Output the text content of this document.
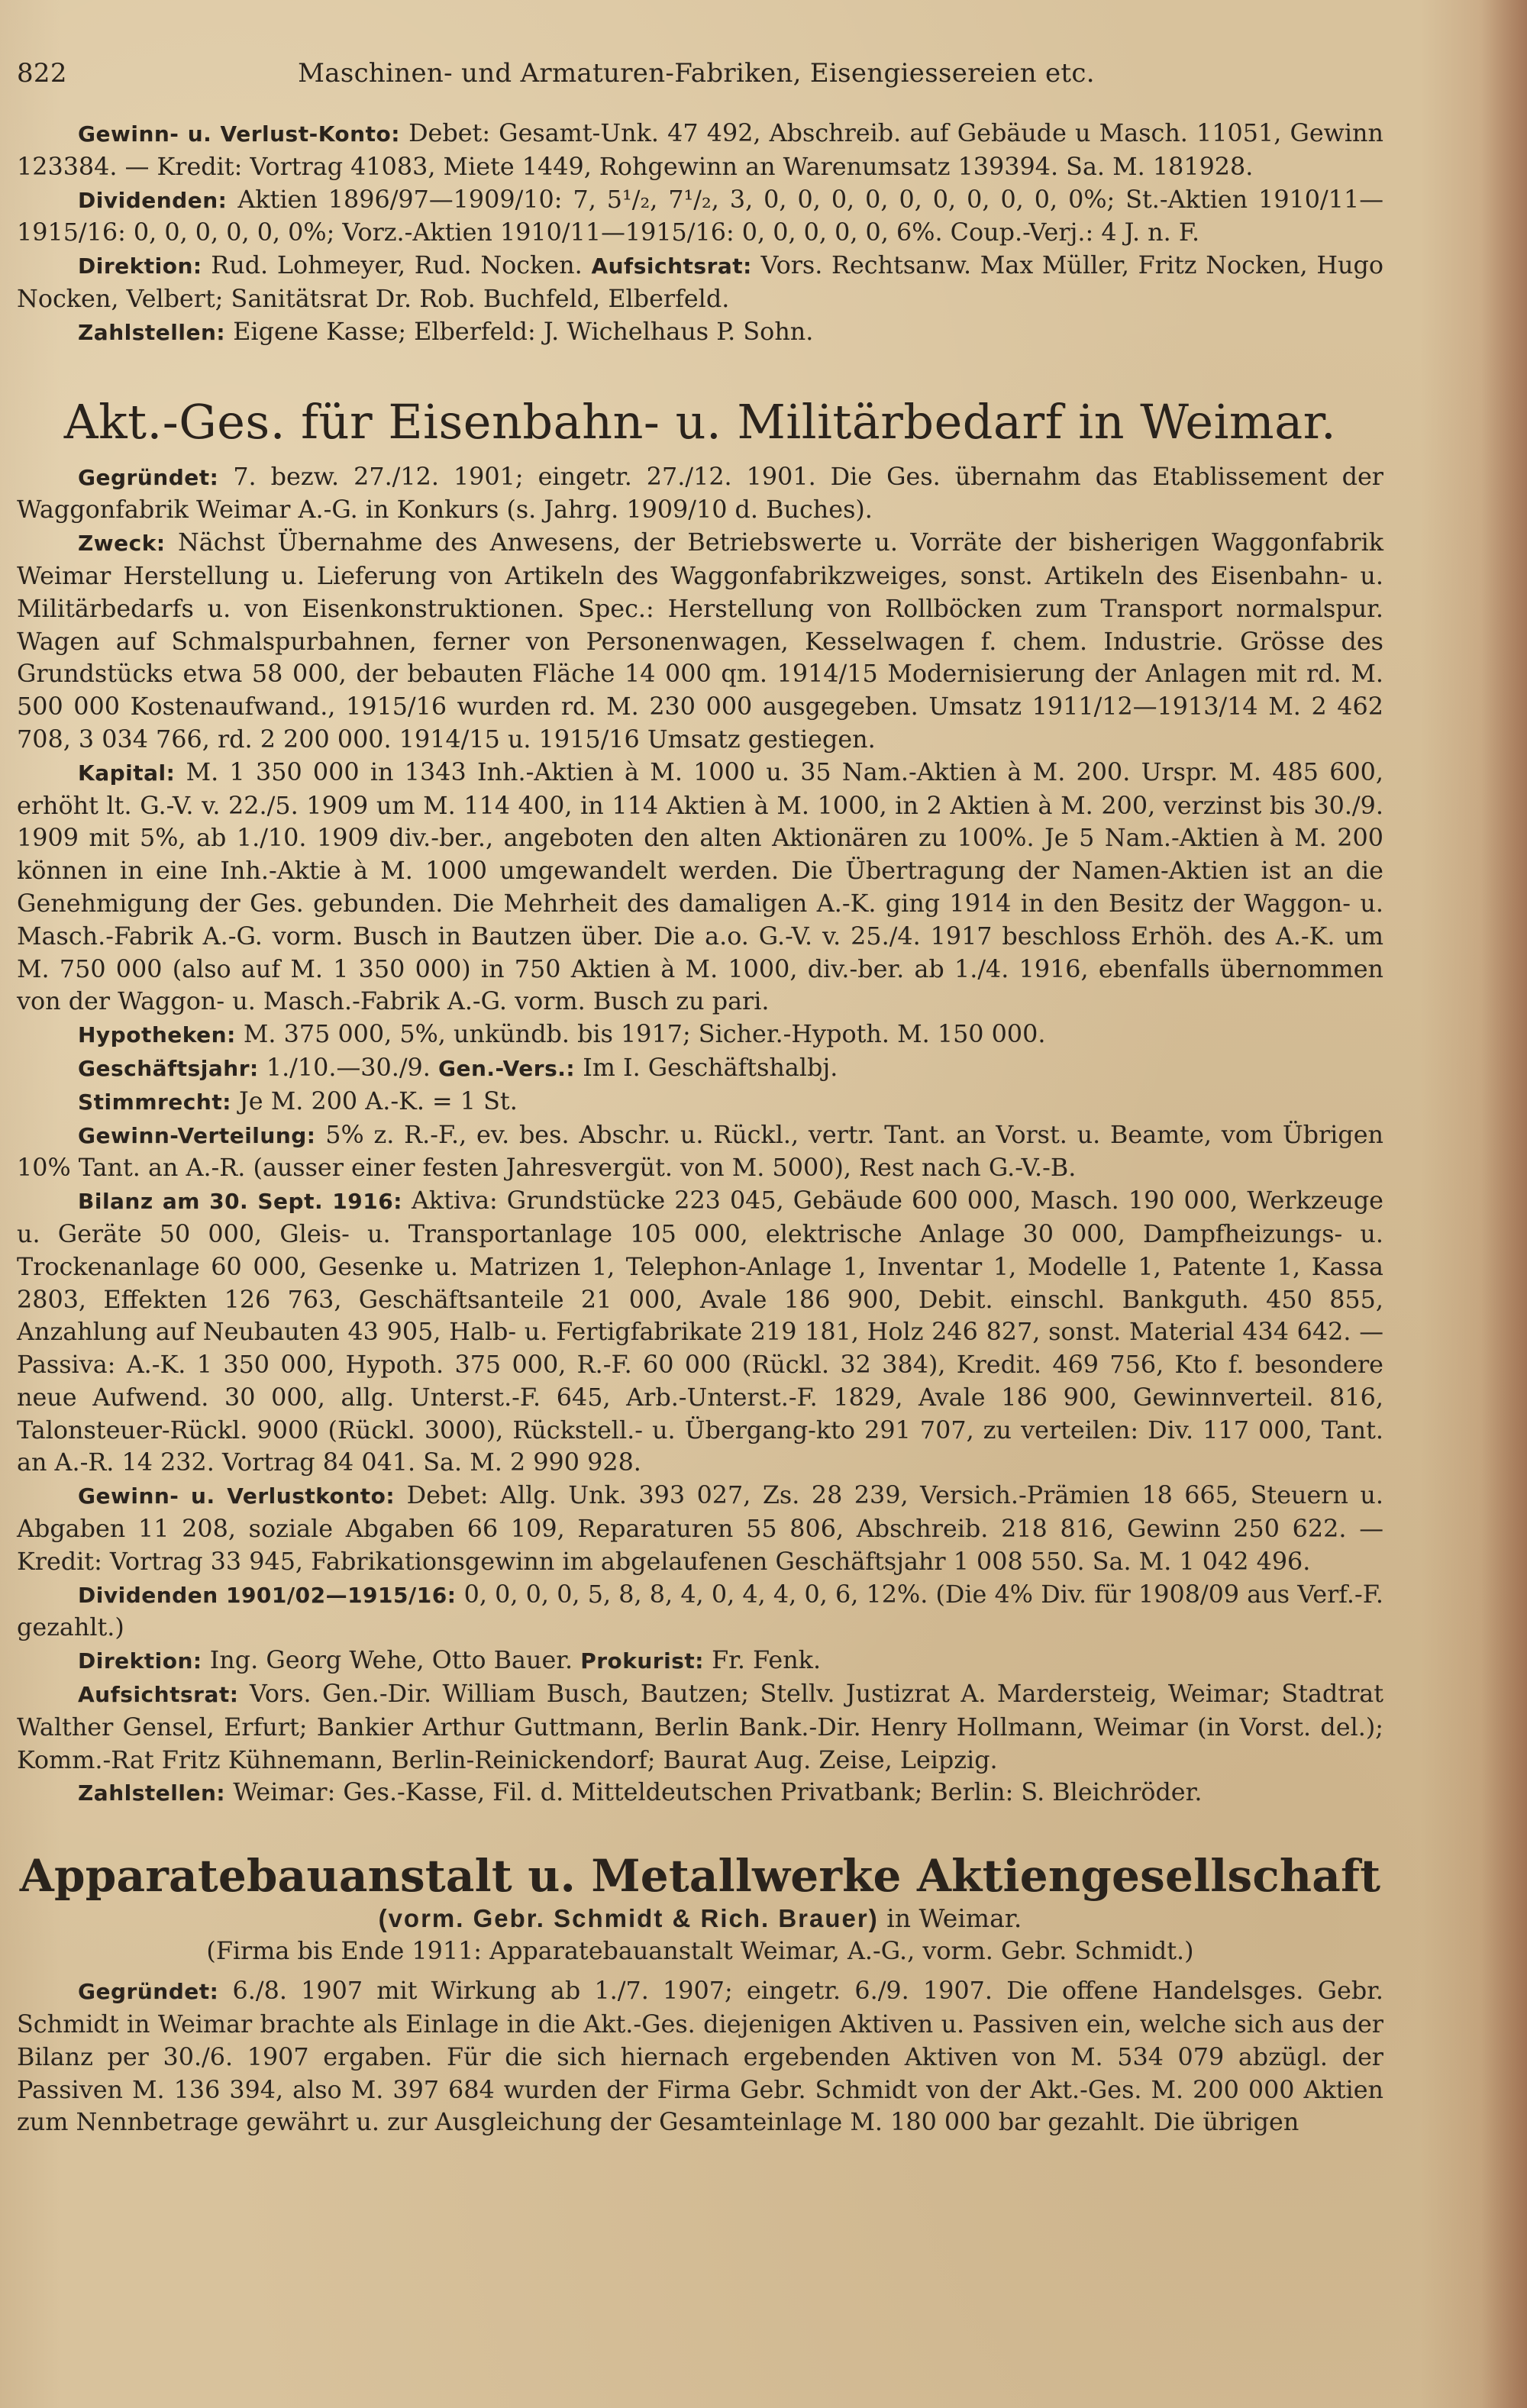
822	Maschinen- und Armaturen-Fabriken, Eisengiessereien etc.

Gewinn- u. Verlust-Konto: Debet: Gesamt-Unk. 47 492, Abschreib. auf Gebäude u Masch. 11051, Gewinn 123384. — Kredit: Vortrag 41083, Miete 1449, Rohgewinn an Warenumsatz 139394. Sa. M. 181928.

Dividenden: Aktien 1896/97—1909/10: 7, 5¹/₂, 7¹/₂, 3, 0, 0, 0, 0, 0, 0, 0, 0, 0, 0%; St.-Aktien 1910/11—1915/16: 0, 0, 0, 0, 0, 0%; Vorz.-Aktien 1910/11—1915/16: 0, 0, 0, 0, 0, 6%. Coup.-Verj.: 4 J. n. F.

Direktion: Rud. Lohmeyer, Rud. Nocken. Aufsichtsrat: Vors. Rechtsanw. Max Müller, Fritz Nocken, Hugo Nocken, Velbert; Sanitätsrat Dr. Rob. Buchfeld, Elberfeld.

Zahlstellen: Eigene Kasse; Elberfeld: J. Wichelhaus P. Sohn.

Akt.-Ges. für Eisenbahn- u. Militärbedarf in Weimar.

Gegründet: 7. bezw. 27./12. 1901; eingetr. 27./12. 1901. Die Ges. übernahm das Etablissement der Waggonfabrik Weimar A.-G. in Konkurs (s. Jahrg. 1909/10 d. Buches).

Zweck: Nächst Übernahme des Anwesens, der Betriebswerte u. Vorräte der bisherigen Waggonfabrik Weimar Herstellung u. Lieferung von Artikeln des Waggonfabrikzweiges, sonst. Artikeln des Eisenbahn- u. Militärbedarfs u. von Eisenkonstruktionen. Spec.: Herstellung von Rollböcken zum Transport normalspur. Wagen auf Schmalspurbahnen, ferner von Personenwagen, Kesselwagen f. chem. Industrie. Grösse des Grundstücks etwa 58 000, der bebauten Fläche 14 000 qm. 1914/15 Modernisierung der Anlagen mit rd. M. 500 000 Kostenaufwand., 1915/16 wurden rd. M. 230 000 ausgegeben. Umsatz 1911/12—1913/14 M. 2 462 708, 3 034 766, rd. 2 200 000. 1914/15 u. 1915/16 Umsatz gestiegen.

Kapital: M. 1 350 000 in 1343 Inh.-Aktien à M. 1000 u. 35 Nam.-Aktien à M. 200. Urspr. M. 485 600, erhöht lt. G.-V. v. 22./5. 1909 um M. 114 400, in 114 Aktien à M. 1000, in 2 Aktien à M. 200, verzinst bis 30./9. 1909 mit 5%, ab 1./10. 1909 div.-ber., angeboten den alten Aktionären zu 100%. Je 5 Nam.-Aktien à M. 200 können in eine Inh.-Aktie à M. 1000 umgewandelt werden. Die Übertragung der Namen-Aktien ist an die Genehmigung der Ges. gebunden. Die Mehrheit des damaligen A.-K. ging 1914 in den Besitz der Waggon- u. Masch.-Fabrik A.-G. vorm. Busch in Bautzen über. Die a.o. G.-V. v. 25./4. 1917 beschloss Erhöh. des A.-K. um M. 750 000 (also auf M. 1 350 000) in 750 Aktien à M. 1000, div.-ber. ab 1./4. 1916, ebenfalls übernommen von der Waggon- u. Masch.-Fabrik A.-G. vorm. Busch zu pari.

Hypotheken: M. 375 000, 5%, unkündb. bis 1917; Sicher.-Hypoth. M. 150 000.

Geschäftsjahr: 1./10.—30./9. Gen.-Vers.: Im I. Geschäftshalbj.

Stimmrecht: Je M. 200 A.-K. = 1 St.

Gewinn-Verteilung: 5% z. R.-F., ev. bes. Abschr. u. Rückl., vertr. Tant. an Vorst. u. Beamte, vom Übrigen 10% Tant. an A.-R. (ausser einer festen Jahresvergüt. von M. 5000), Rest nach G.-V.-B.

Bilanz am 30. Sept. 1916: Aktiva: Grundstücke 223 045, Gebäude 600 000, Masch. 190 000, Werkzeuge u. Geräte 50 000, Gleis- u. Transportanlage 105 000, elektrische Anlage 30 000, Dampfheizungs- u. Trockenanlage 60 000, Gesenke u. Matrizen 1, Telephon-Anlage 1, Inventar 1, Modelle 1, Patente 1, Kassa 2803, Effekten 126 763, Geschäftsanteile 21 000, Avale 186 900, Debit. einschl. Bankguth. 450 855, Anzahlung auf Neubauten 43 905, Halb- u. Fertigfabrikate 219 181, Holz 246 827, sonst. Material 434 642. — Passiva: A.-K. 1 350 000, Hypoth. 375 000, R.-F. 60 000 (Rückl. 32 384), Kredit. 469 756, Kto f. besondere neue Aufwend. 30 000, allg. Unterst.-F. 645, Arb.-Unterst.-F. 1829, Avale 186 900, Gewinnverteil. 816, Talonsteuer-Rückl. 9000 (Rückl. 3000), Rückstell.- u. Übergang-kto 291 707, zu verteilen: Div. 117 000, Tant. an A.-R. 14 232. Vortrag 84 041. Sa. M. 2 990 928.

Gewinn- u. Verlustkonto: Debet: Allg. Unk. 393 027, Zs. 28 239, Versich.-Prämien 18 665, Steuern u. Abgaben 11 208, soziale Abgaben 66 109, Reparaturen 55 806, Abschreib. 218 816, Gewinn 250 622. — Kredit: Vortrag 33 945, Fabrikationsgewinn im abgelaufenen Geschäftsjahr 1 008 550. Sa. M. 1 042 496.

Dividenden 1901/02—1915/16: 0, 0, 0, 0, 5, 8, 8, 4, 0, 4, 4, 0, 6, 12%. (Die 4% Div. für 1908/09 aus Verf.-F. gezahlt.)

Direktion: Ing. Georg Wehe, Otto Bauer. Prokurist: Fr. Fenk.

Aufsichtsrat: Vors. Gen.-Dir. William Busch, Bautzen; Stellv. Justizrat A. Mardersteig, Weimar; Stadtrat Walther Gensel, Erfurt; Bankier Arthur Guttmann, Berlin Bank.-Dir. Henry Hollmann, Weimar (in Vorst. del.); Komm.-Rat Fritz Kühnemann, Berlin-Reinickendorf; Baurat Aug. Zeise, Leipzig.

Zahlstellen: Weimar: Ges.-Kasse, Fil. d. Mitteldeutschen Privatbank; Berlin: S. Bleichröder.

Apparatebauanstalt u. Metallwerke Aktiengesellschaft

(vorm. Gebr. Schmidt & Rich. Brauer) in Weimar.

(Firma bis Ende 1911: Apparatebauanstalt Weimar, A.-G., vorm. Gebr. Schmidt.)

Gegründet: 6./8. 1907 mit Wirkung ab 1./7. 1907; eingetr. 6./9. 1907. Die offene Handelsges. Gebr. Schmidt in Weimar brachte als Einlage in die Akt.-Ges. diejenigen Aktiven u. Passiven ein, welche sich aus der Bilanz per 30./6. 1907 ergaben. Für die sich hiernach ergebenden Aktiven von M. 534 079 abzügl. der Passiven M. 136 394, also M. 397 684 wurden der Firma Gebr. Schmidt von der Akt.-Ges. M. 200 000 Aktien zum Nennbetrage gewährt u. zur Ausgleichung der Gesamteinlage M. 180 000 bar gezahlt. Die übrigen
